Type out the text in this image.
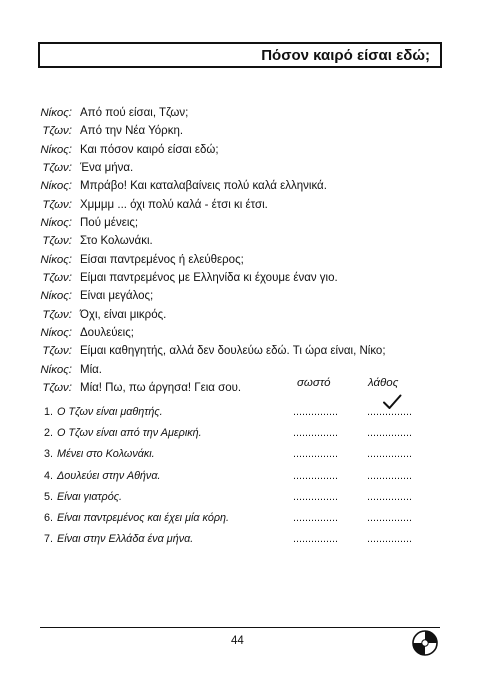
Πόσον καιρό είσαι εδώ;
Νίκος: Από πού είσαι, Τζων;
Τζων: Από την Νέα Υόρκη.
Νίκος: Και πόσον καιρό είσαι εδώ;
Τζων: Ένα μήνα.
Νίκος: Μπράβο! Και καταλαβαίνεις πολύ καλά ελληνικά.
Τζων: Χμμμμ ... όχι πολύ καλά - έτσι κι έτσι.
Νίκος: Πού μένεις;
Τζων: Στο Κολωνάκι.
Νίκος: Είσαι παντρεμένος ή ελεύθερος;
Τζων: Είμαι παντρεμένος με Ελληνίδα κι έχουμε έναν γιο.
Νίκος: Είναι μεγάλος;
Τζων: Όχι, είναι μικρός.
Νίκος: Δουλεύεις;
Τζων: Είμαι καθηγητής, αλλά δεν δουλεύω εδώ. Τι ώρα είναι, Νίκο;
Νίκος: Μία.
Τζων: Μία! Πω, πω άργησα! Γεια σου.	σωστό	λάθος
1. Ο Τζων είναι μαθητής.	...............	...............
2. Ο Τζων είναι από την Αμερική.	...............	...............
3. Μένει στο Κολωνάκι.	...............	...............
4. Δουλεύει στην Αθήνα.	...............	...............
5. Είναι γιατρός.	...............	...............
6. Είναι παντρεμένος και έχει μία κόρη.	...............	...............
7. Είναι στην Ελλάδα ένα μήνα.	...............	...............
44
